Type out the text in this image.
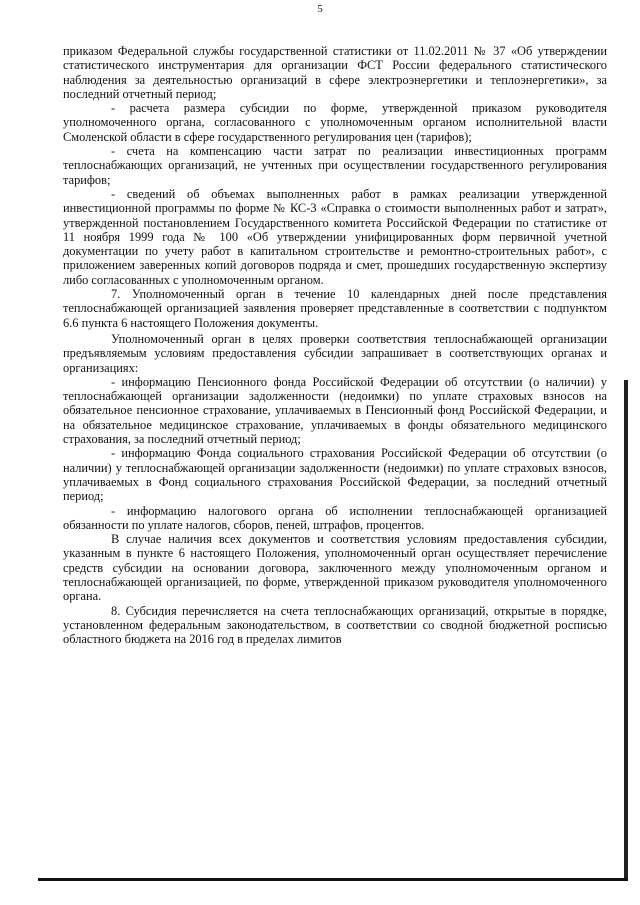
5

приказом Федеральной службы государственной статистики от 11.02.2011 № 37 «Об утверждении статистического инструментария для организации ФСТ России федерального статистического наблюдения за деятельностью организаций в сфере электроэнергетики и теплоэнергетики», за последний отчетный период;

- расчета размера субсидии по форме, утвержденной приказом руководителя уполномоченного органа, согласованного с уполномоченным органом исполнительной власти Смоленской области в сфере государственного регулирования цен (тарифов);

- счета на компенсацию части затрат по реализации инвестиционных программ теплоснабжающих организаций, не учтенных при осуществлении государственного регулирования тарифов;

- сведений об объемах выполненных работ в рамках реализации утвержденной инвестиционной программы по форме № КС-3 «Справка о стоимости выполненных работ и затрат», утвержденной постановлением Государственного комитета Российской Федерации по статистике от 11 ноября 1999 года № 100 «Об утверждении унифицированных форм первичной учетной документации по учету работ в капитальном строительстве и ремонтно-строительных работ», с приложением заверенных копий договоров подряда и смет, прошедших государственную экспертизу либо согласованных с уполномоченным органом.

7. Уполномоченный орган в течение 10 календарных дней после представления теплоснабжающей организацией заявления проверяет представленные в соответствии с подпунктом 6.6 пункта 6 настоящего Положения документы.

Уполномоченный орган в целях проверки соответствия теплоснабжающей организации предъявляемым условиям предоставления субсидии запрашивает в соответствующих органах и организациях:

- информацию Пенсионного фонда Российской Федерации об отсутствии (о наличии) у теплоснабжающей организации задолженности (недоимки) по уплате страховых взносов на обязательное пенсионное страхование, уплачиваемых в Пенсионный фонд Российской Федерации, и на обязательное медицинское страхование, уплачиваемых в фонды обязательного медицинского страхования, за последний отчетный период;

- информацию Фонда социального страхования Российской Федерации об отсутствии (о наличии) у теплоснабжающей организации задолженности (недоимки) по уплате страховых взносов, уплачиваемых в Фонд социального страхования Российской Федерации, за последний отчетный период;

- информацию налогового органа об исполнении теплоснабжающей организацией обязанности по уплате налогов, сборов, пеней, штрафов, процентов.

В случае наличия всех документов и соответствия условиям предоставления субсидии, указанным в пункте 6 настоящего Положения, уполномоченный орган осуществляет перечисление средств субсидии на основании договора, заключенного между уполномоченным органом и теплоснабжающей организацией, по форме, утвержденной приказом руководителя уполномоченного органа.

8. Субсидия перечисляется на счета теплоснабжающих организаций, открытые в порядке, установленном федеральным законодательством, в соответствии со сводной бюджетной росписью областного бюджета на 2016 год в пределах лимитов
